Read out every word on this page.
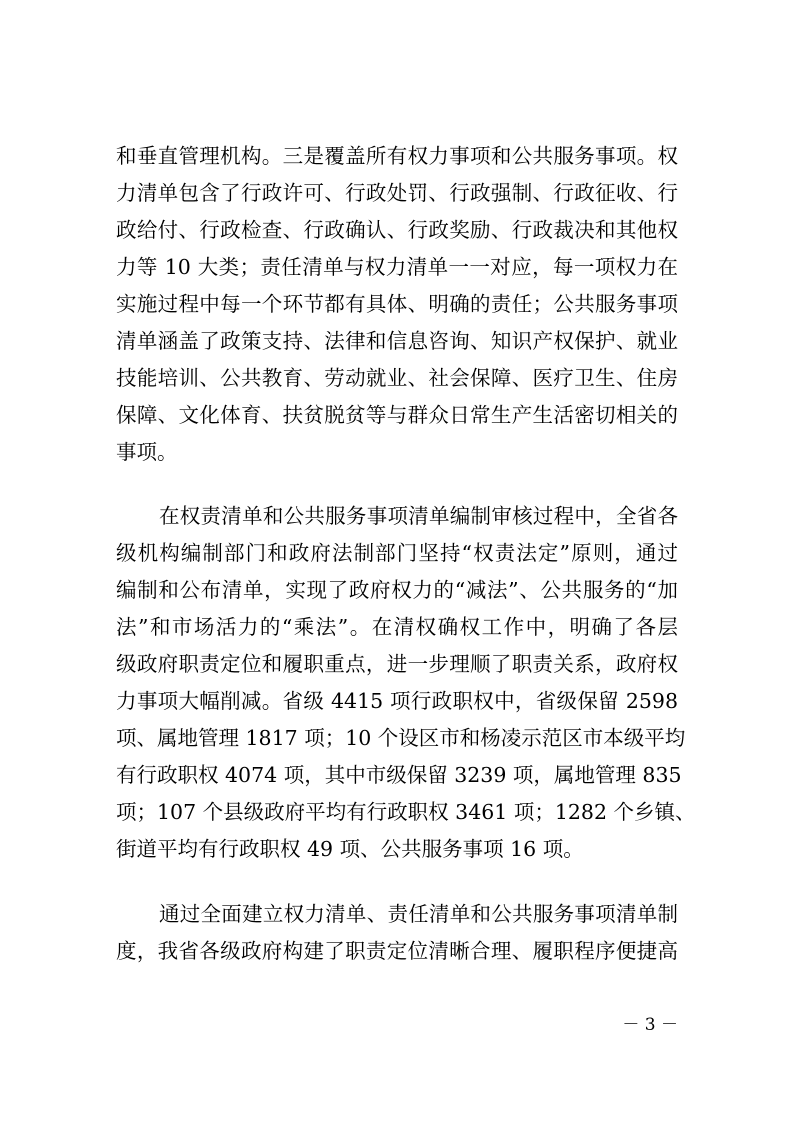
和垂直管理机构。三是覆盖所有权力事项和公共服务事项。权
力清单包含了行政许可、行政处罚、行政强制、行政征收、行
政给付、行政检查、行政确认、行政奖励、行政裁决和其他权
力等 10 大类；责任清单与权力清单一一对应，每一项权力在
实施过程中每一个环节都有具体、明确的责任；公共服务事项
清单涵盖了政策支持、法律和信息咨询、知识产权保护、就业
技能培训、公共教育、劳动就业、社会保障、医疗卫生、住房
保障、文化体育、扶贫脱贫等与群众日常生产生活密切相关的
事项。
在权责清单和公共服务事项清单编制审核过程中，全省各
级机构编制部门和政府法制部门坚持“权责法定”原则，通过
编制和公布清单，实现了政府权力的“减法”、公共服务的“加
法”和市场活力的“乘法”。在清权确权工作中，明确了各层
级政府职责定位和履职重点，进一步理顺了职责关系，政府权
力事项大幅削减。省级 4415 项行政职权中，省级保留 2598
项、属地管理 1817 项；10 个设区市和杨凌示范区市本级平均
有行政职权 4074 项，其中市级保留 3239 项，属地管理 835
项；107 个县级政府平均有行政职权 3461 项；1282 个乡镇、
街道平均有行政职权 49 项、公共服务事项 16 项。
通过全面建立权力清单、责任清单和公共服务事项清单制
度，我省各级政府构建了职责定位清晰合理、履职程序便捷高
－ 3 －
